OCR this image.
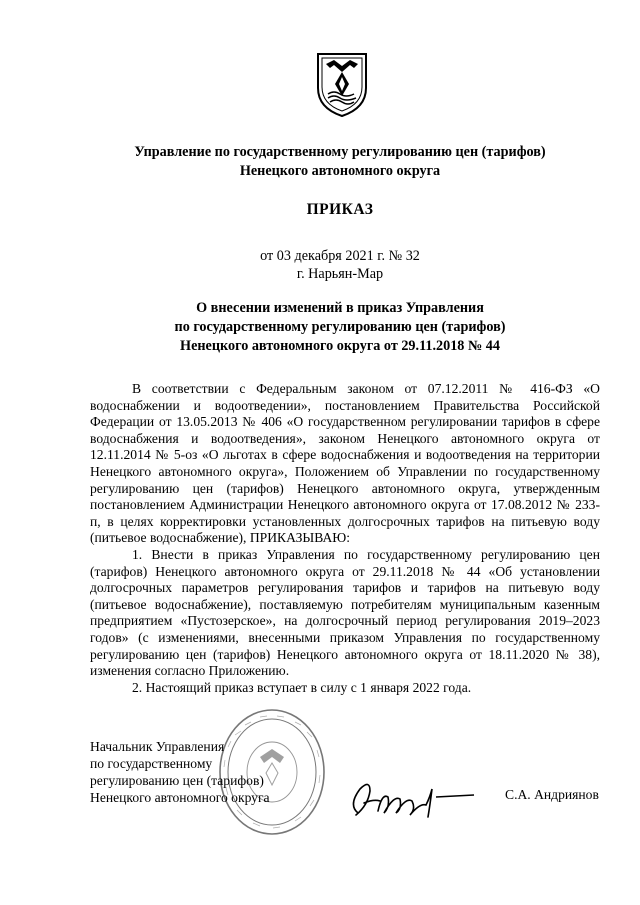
Управление по государственному регулированию цен (тарифов)
Ненецкого автономного округа
ПРИКАЗ
от 03 декабря 2021 г. № 32
г. Нарьян-Мар
О внесении изменений в приказ Управления
по государственному регулированию цен (тарифов)
Ненецкого автономного округа от 29.11.2018 № 44

В соответствии с Федеральным законом от 07.12.2011 № 416-ФЗ «О водоснабжении и водоотведении», постановлением Правительства Российской Федерации от 13.05.2013 № 406 «О государственном регулировании тарифов в сфере водоснабжения и водоотведения», законом Ненецкого автономного округа от 12.11.2014 № 5-оз «О льготах в сфере водоснабжения и водоотведения на территории Ненецкого автономного округа», Положением об Управлении по государственному регулированию цен (тарифов) Ненецкого автономного округа, утвержденным постановлением Администрации Ненецкого автономного округа от 17.08.2012 № 233-п, в целях корректировки установленных долгосрочных тарифов на питьевую воду (питьевое водоснабжение), ПРИКАЗЫВАЮ:

1. Внести в приказ Управления по государственному регулированию цен (тарифов) Ненецкого автономного округа от 29.11.2018 № 44 «Об установлении долгосрочных параметров регулирования тарифов и тарифов на питьевую воду (питьевое водоснабжение), поставляемую потребителям муниципальным казенным предприятием «Пустозерское», на долгосрочный период регулирования 2019–2023 годов» (с изменениями, внесенными приказом Управления по государственному регулированию цен (тарифов) Ненецкого автономного округа от 18.11.2020 № 38), изменения согласно Приложению.

2. Настоящий приказ вступает в силу с 1 января 2022 года.

Начальник Управления
по государственному
регулированию цен (тарифов)
Ненецкого автономного округа	С.А. Андриянов
